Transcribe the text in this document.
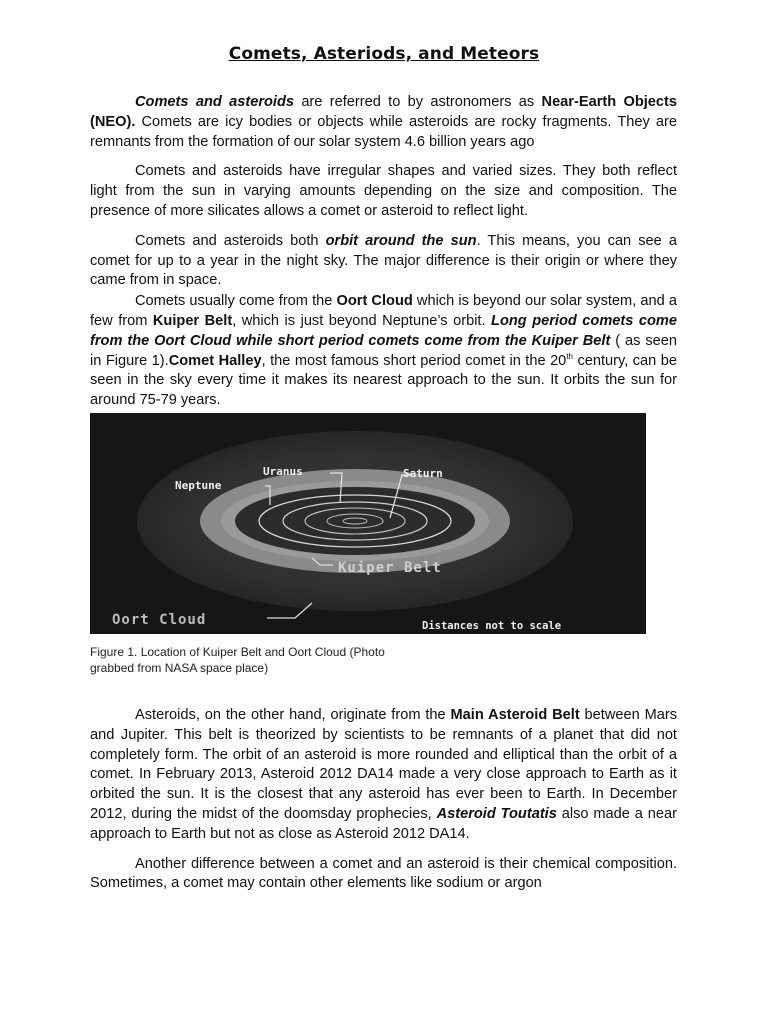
Comets, Asteriods, and Meteors

Comets and asteroids are referred to by astronomers as Near-Earth Objects (NEO). Comets are icy bodies or objects while asteroids are rocky fragments. They are remnants from the formation of our solar system 4.6 billion years ago

Comets and asteroids have irregular shapes and varied sizes. They both reflect light from the sun in varying amounts depending on the size and composition. The presence of more silicates allows a comet or asteroid to reflect light.

Comets and asteroids both orbit around the sun. This means, you can see a comet for up to a year in the night sky. The major difference is their origin or where they came from in space.

Comets usually come from the Oort Cloud which is beyond our solar system, and a few from Kuiper Belt, which is just beyond Neptune’s orbit. Long period comets come from the Oort Cloud while short period comets come from the Kuiper Belt ( as seen in Figure 1).Comet Halley, the most famous short period comet in the 20th century, can be seen in the sky every time it makes its nearest approach to the sun. It orbits the sun for around 75-79 years.

Neptune
Uranus	Saturn
Kuiper Belt
Oort Cloud	Distances not to scale
Figure 1. Location of Kuiper Belt and Oort Cloud (Photo grabbed from NASA space place)

Asteroids, on the other hand, originate from the Main Asteroid Belt between Mars and Jupiter. This belt is theorized by scientists to be remnants of a planet that did not completely form. The orbit of an asteroid is more rounded and elliptical than the orbit of a comet. In February 2013, Asteroid 2012 DA14 made a very close approach to Earth as it orbited the sun. It is the closest that any asteroid has ever been to Earth. In December 2012, during the midst of the doomsday prophecies, Asteroid Toutatis also made a near approach to Earth but not as close as Asteroid 2012 DA14.

Another difference between a comet and an asteroid is their chemical composition. Sometimes, a comet may contain other elements like sodium or argon
